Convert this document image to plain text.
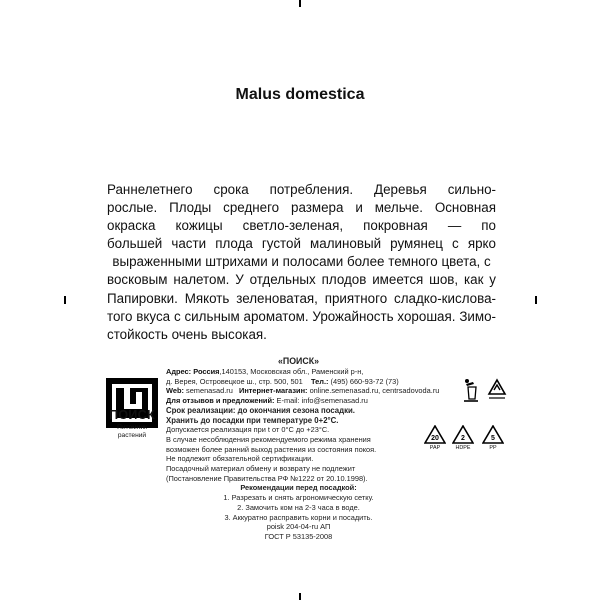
Malus domestica
Раннелетнего срока потребления. Деревья сильно-
рослые. Плоды среднего размера и мельче. Основная
окраска кожицы светло-зеленая, покровная — по
большей части плода густой малиновый румянец с ярко
выраженными штрихами и полосами более темного цвета, с
восковым налетом. У отдельных плодов имеется шов, как у
Папировки. Мякоть зеленоватая, приятного сладко-кислова-
того вкуса с сильным ароматом. Урожайность хорошая. Зимо-
стойкость очень высокая.
ПОИСК
Питомник
растений
«ПОИСК»
Адрес: Россия,140153, Московская обл., Раменский р-н,
д. Верея, Островецкое ш., стр. 500, 501 Тел.: (495) 660-93-72 (73)
Web: semenasad.ru Интернет-магазин: online.semenasad.ru, centrsadovoda.ru
Для отзывов и предложений: E-mail: info@semenasad.ru
Срок реализации: до окончания сезона посадки.
Хранить до посадки при температуре 0+2°С.
Допускается реализация при t от 0°С до +23°С.
В случае несоблюдения рекомендуемого режима хранения
возможен более ранний выход растения из состояния покоя.
Не подлежит обязательной сертификации.
Посадочный материал обмену и возврату не подлежит
(Постановление Правительства РФ №1222 от 20.10.1998).
Рекомендации перед посадкой:
1. Разрезать и снять агрономическую сетку.
2. Замочить ком на 2-3 часа в воде.
3. Аккуратно расправить корни и посадить.
poisk 204-04-ru АП
ГОСТ Р 53135-2008
20
PAP
2
HDPE
5
PP
